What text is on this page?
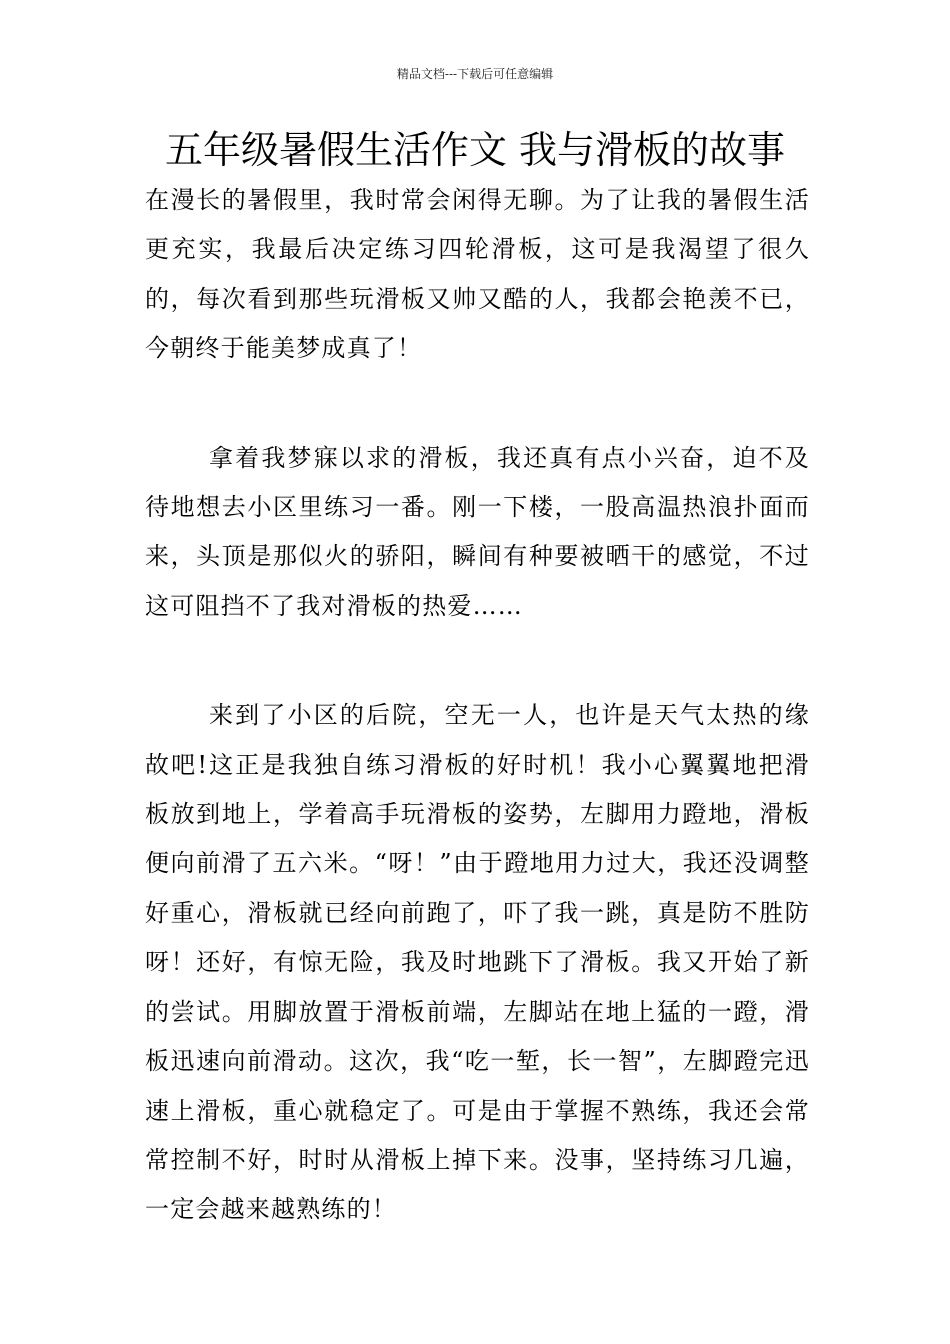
精品文档---下载后可任意编辑
五年级暑假生活作文 我与滑板的故事

在漫长的暑假里，我时常会闲得无聊。为了让我的暑假生活更充实，我最后决定练习四轮滑板，这可是我渴望了很久的，每次看到那些玩滑板又帅又酷的人，我都会艳羡不已，今朝终于能美梦成真了！

拿着我梦寐以求的滑板，我还真有点小兴奋，迫不及待地想去小区里练习一番。刚一下楼，一股高温热浪扑面而来，头顶是那似火的骄阳，瞬间有种要被晒干的感觉，不过这可阻挡不了我对滑板的热爱……

来到了小区的后院，空无一人，也许是天气太热的缘故吧!这正是我独自练习滑板的好时机！我小心翼翼地把滑板放到地上，学着高手玩滑板的姿势，左脚用力蹬地，滑板便向前滑了五六米。“呀！”由于蹬地用力过大，我还没调整好重心，滑板就已经向前跑了，吓了我一跳，真是防不胜防呀！还好，有惊无险，我及时地跳下了滑板。我又开始了新的尝试。用脚放置于滑板前端，左脚站在地上猛的一蹬，滑板迅速向前滑动。这次，我“吃一堑，长一智”，左脚蹬完迅速上滑板，重心就稳定了。可是由于掌握不熟练，我还会常常控制不好，时时从滑板上掉下来。没事，坚持练习几遍，一定会越来越熟练的！
